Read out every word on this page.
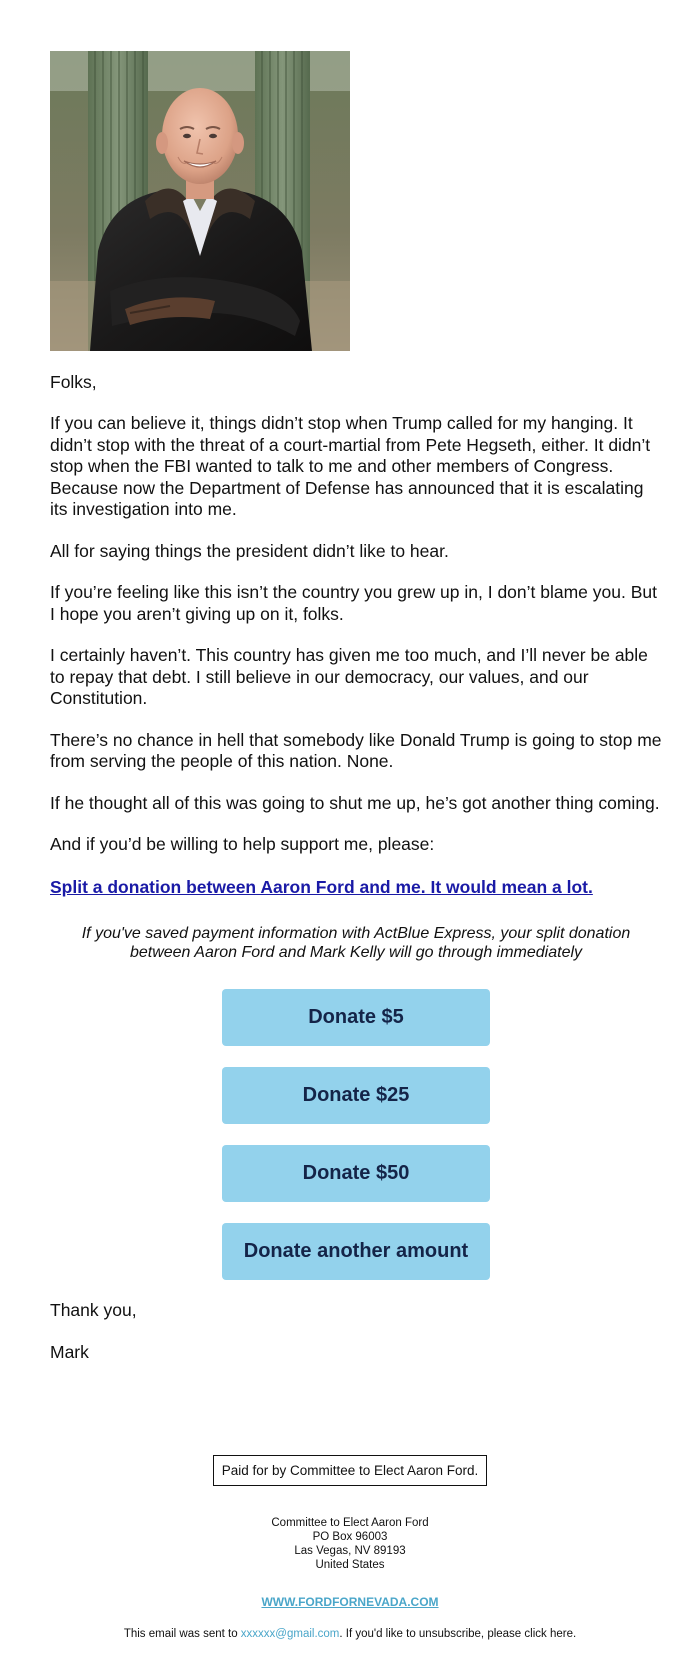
Folks,

If you can believe it, things didn’t stop when Trump called for my hanging. It didn’t stop with the threat of a court-martial from Pete Hegseth, either. It didn’t stop when the FBI wanted to talk to me and other members of Congress. Because now the Department of Defense has announced that it is escalating its investigation into me.

All for saying things the president didn’t like to hear.

If you’re feeling like this isn’t the country you grew up in, I don’t blame you. But I hope you aren’t giving up on it, folks.

I certainly haven’t. This country has given me too much, and I’ll never be able to repay that debt. I still believe in our democracy, our values, and our Constitution.

There’s no chance in hell that somebody like Donald Trump is going to stop me from serving the people of this nation. None.

If he thought all of this was going to shut me up, he’s got another thing coming.

And if you’d be willing to help support me, please:

Split a donation between Aaron Ford and me. It would mean a lot.

If you've saved payment information with ActBlue Express, your split donation between Aaron Ford and Mark Kelly will go through immediately

Donate $5
Donate $25
Donate $50
Donate another amount

Thank you,

Mark

Paid for by Committee to Elect Aaron Ford.
Committee to Elect Aaron Ford
PO Box 96003
Las Vegas, NV 89193
United States
WWW.FORDFORNEVADA.COM
This email was sent to xxxxxx@gmail.com. If you'd like to unsubscribe, please click here.
